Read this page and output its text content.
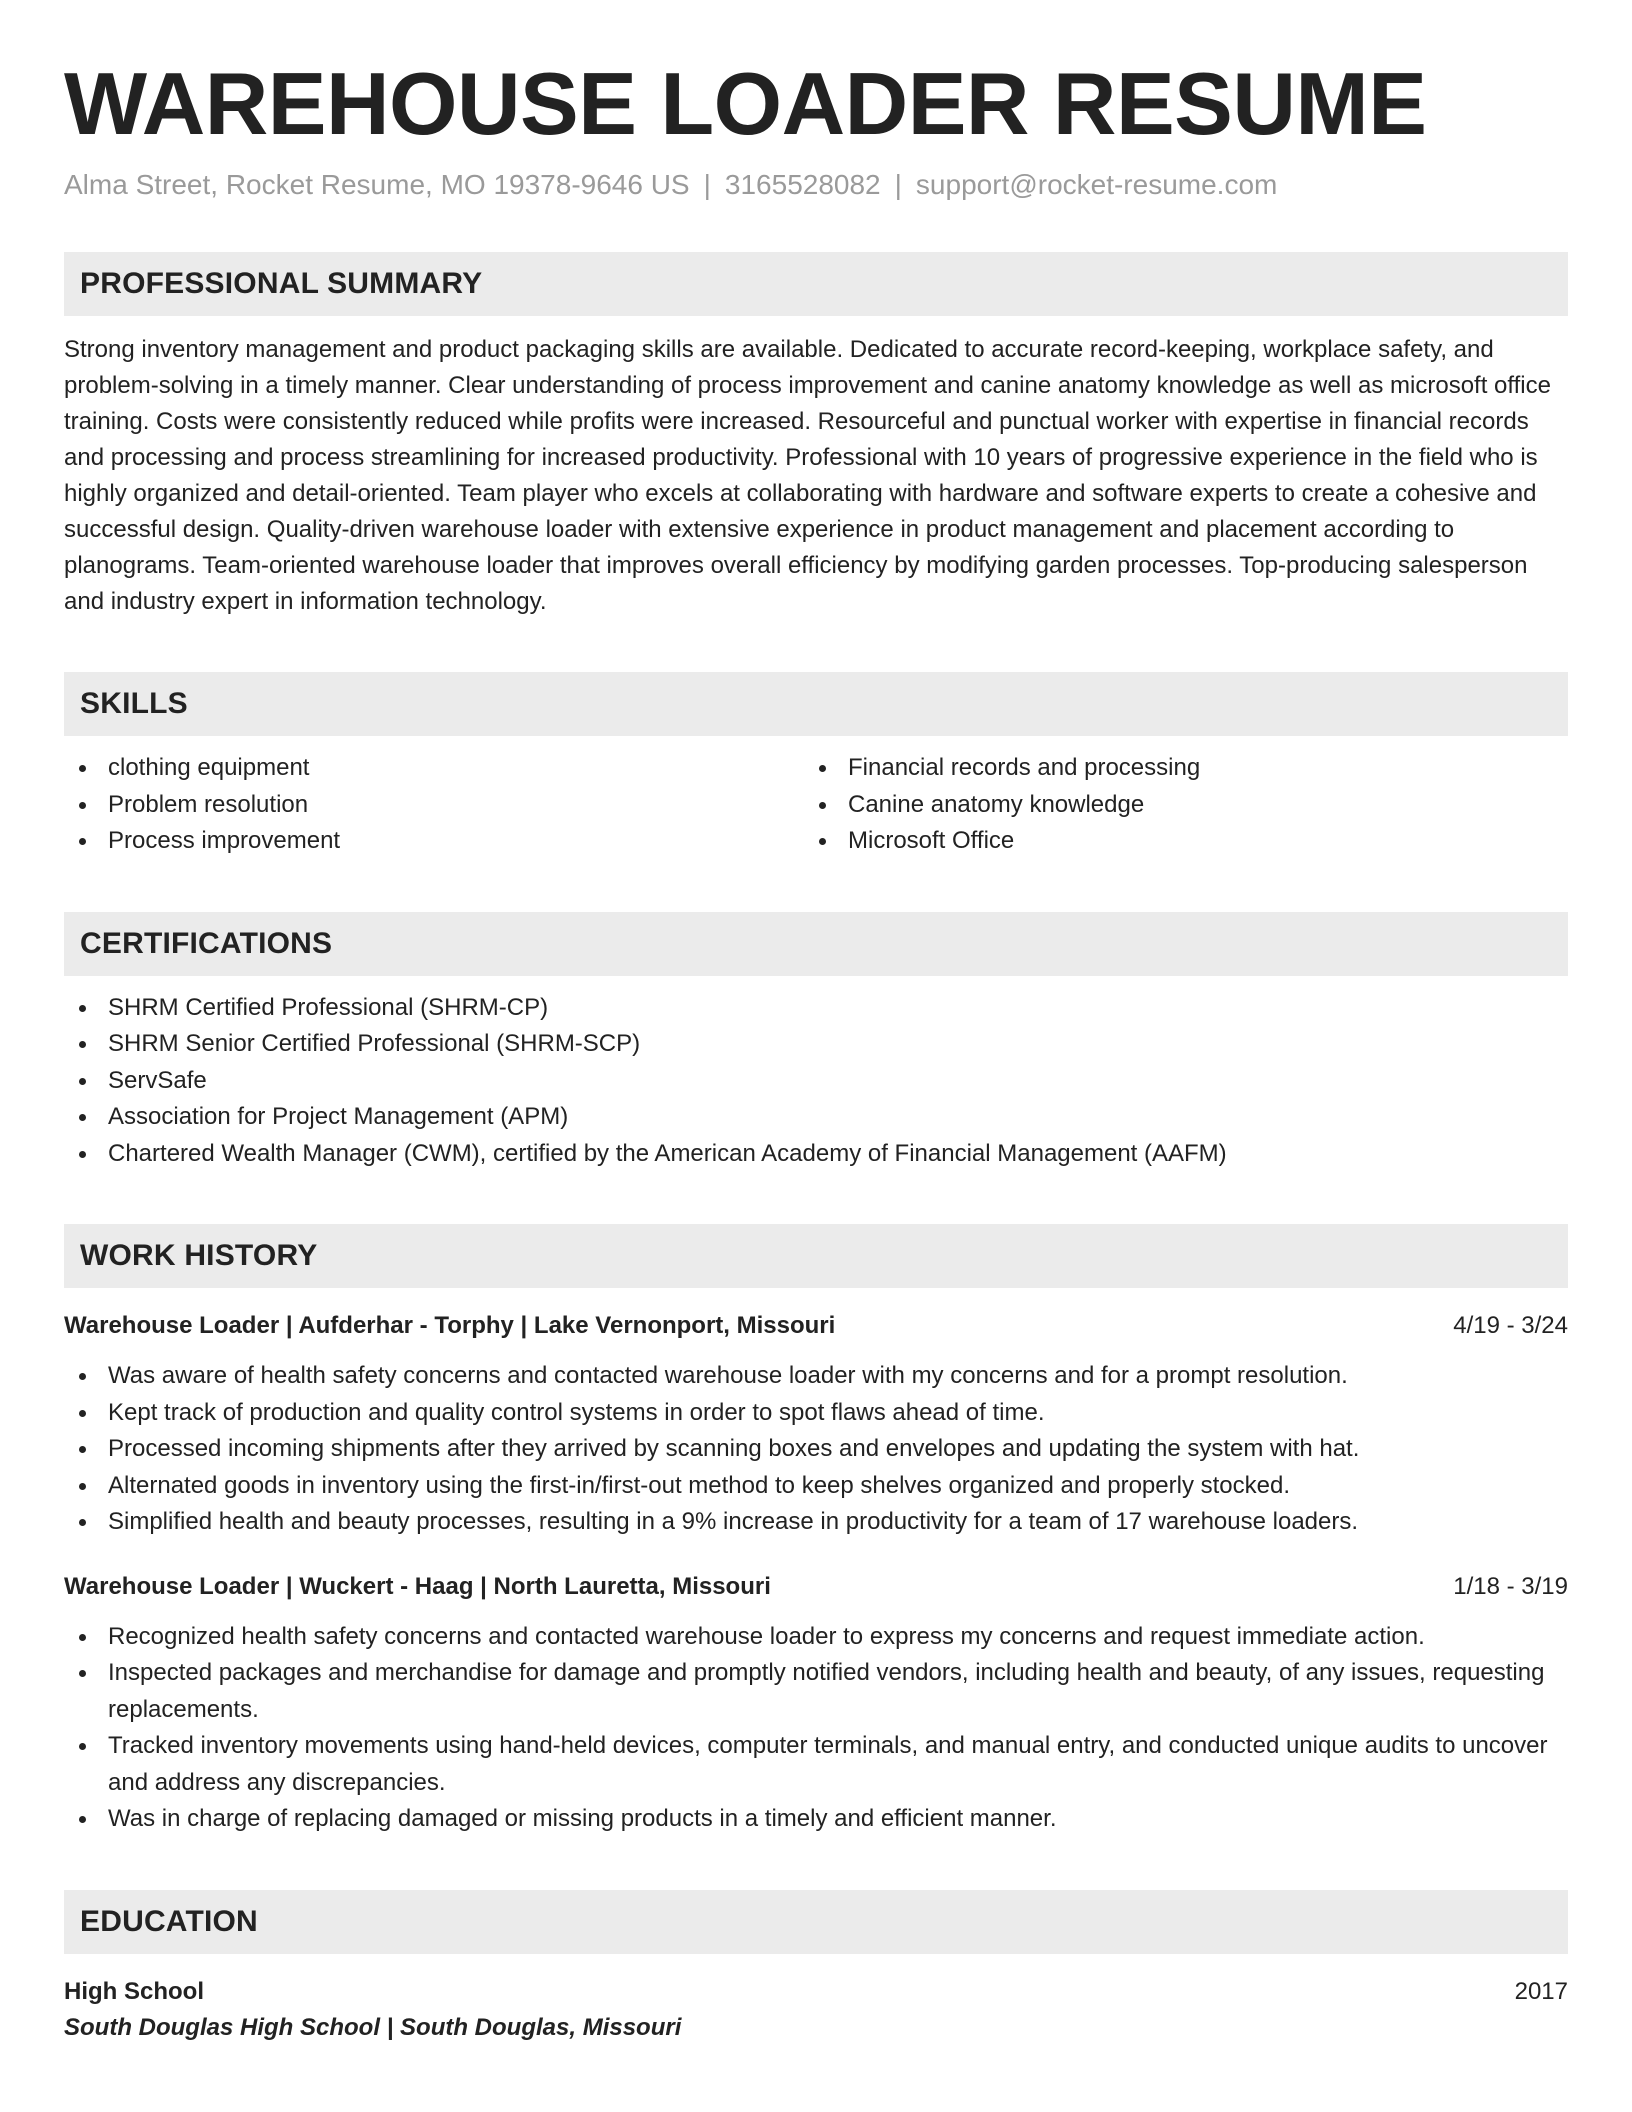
WAREHOUSE LOADER RESUME
Alma Street, Rocket Resume, MO 19378-9646 US | 3165528082 | support@rocket-resume.com
PROFESSIONAL SUMMARY

Strong inventory management and product packaging skills are available. Dedicated to accurate record-keeping, workplace safety, and problem-solving in a timely manner. Clear understanding of process improvement and canine anatomy knowledge as well as microsoft office training. Costs were consistently reduced while profits were increased. Resourceful and punctual worker with expertise in financial records and processing and process streamlining for increased productivity. Professional with 10 years of progressive experience in the field who is highly organized and detail-oriented. Team player who excels at collaborating with hardware and software experts to create a cohesive and successful design. Quality-driven warehouse loader with extensive experience in product management and placement according to planograms. Team-oriented warehouse loader that improves overall efficiency by modifying garden processes. Top-producing salesperson and industry expert in information technology.

SKILLS
clothing equipment
Problem resolution
Process improvement
Financial records and processing
Canine anatomy knowledge
Microsoft Office
CERTIFICATIONS
SHRM Certified Professional (SHRM-CP)
SHRM Senior Certified Professional (SHRM-SCP)
ServSafe
Association for Project Management (APM)
Chartered Wealth Manager (CWM), certified by the American Academy of Financial Management (AAFM)
WORK HISTORY
Warehouse Loader | Aufderhar - Torphy | Lake Vernonport, Missouri	4/19 - 3/24
Was aware of health safety concerns and contacted warehouse loader with my concerns and for a prompt resolution.
Kept track of production and quality control systems in order to spot flaws ahead of time.
Processed incoming shipments after they arrived by scanning boxes and envelopes and updating the system with hat.
Alternated goods in inventory using the first-in/first-out method to keep shelves organized and properly stocked.
Simplified health and beauty processes, resulting in a 9% increase in productivity for a team of 17 warehouse loaders.
Warehouse Loader | Wuckert - Haag | North Lauretta, Missouri	1/18 - 3/19
Recognized health safety concerns and contacted warehouse loader to express my concerns and request immediate action.
Inspected packages and merchandise for damage and promptly notified vendors, including health and beauty, of any issues, requesting replacements.
Tracked inventory movements using hand-held devices, computer terminals, and manual entry, and conducted unique audits to uncover and address any discrepancies.
Was in charge of replacing damaged or missing products in a timely and efficient manner.
EDUCATION
High School	2017
South Douglas High School | South Douglas, Missouri
